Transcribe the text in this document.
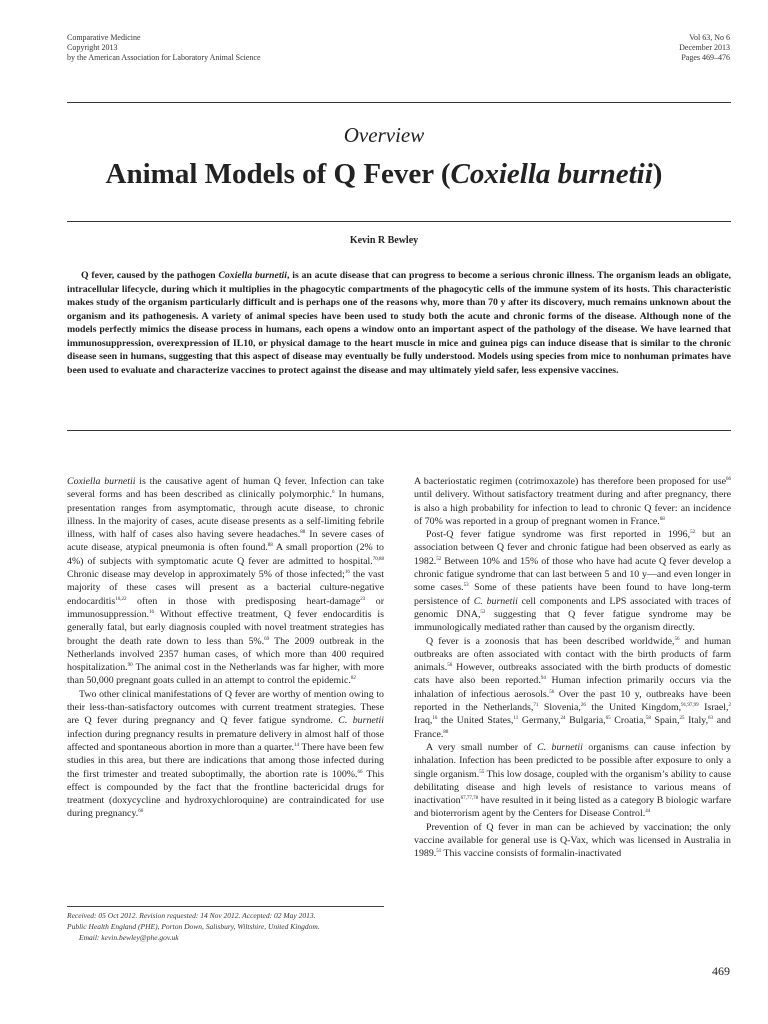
Comparative Medicine
Copyright 2013
by the American Association for Laboratory Animal Science
Vol 63, No 6
December 2013
Pages 469–476
Overview
Animal Models of Q Fever (Coxiella burnetii)
Kevin R Bewley

Q fever, caused by the pathogen Coxiella burnetii, is an acute disease that can progress to become a serious chronic illness. The organism leads an obligate, intracellular lifecycle, during which it multiplies in the phagocytic compartments of the phagocytic cells of the immune system of its hosts. This characteristic makes study of the organism particularly difficult and is perhaps one of the reasons why, more than 70 y after its discovery, much remains unknown about the organism and its pathogenesis. A variety of animal species have been used to study both the acute and chronic forms of the disease. Although none of the models perfectly mimics the disease process in humans, each opens a window onto an important aspect of the pathology of the disease. We have learned that immunosuppression, overexpression of IL10, or physical damage to the heart muscle in mice and guinea pigs can induce disease that is similar to the chronic disease seen in humans, suggesting that this aspect of disease may eventually be fully understood. Models using species from mice to nonhuman primates have been used to evaluate and characterize vaccines to protect against the disease and may ultimately yield safer, less expensive vaccines.

Coxiella burnetii is the causative agent of human Q fever. Infection can take several forms and has been described as clinically polymorphic.$^6$ In humans, presentation ranges from asymptomatic, through acute disease, to chronic illness. In the majority of cases, acute disease presents as a self-limiting febrile illness, with half of cases also having severe headaches.$^{88}$ In severe cases of acute disease, atypical pneumonia is often found.$^{88}$ A small proportion (2% to 4%) of subjects with symptomatic acute Q fever are admitted to hospital.$^{70,88}$ Chronic disease may develop in approximately 5% of those infected;$^{16}$ the vast majority of these cases will present as a bacterial culture-negative endocarditis$^{16,22}$ often in those with predisposing heart-damage$^{23}$ or immunosuppression.$^{16}$ Without effective treatment, Q fever endocarditis is generally fatal, but early diagnosis coupled with novel treatment strategies has brought the death rate down to less than 5%.$^{69}$ The 2009 outbreak in the Netherlands involved 2357 human cases, of which more than 400 required hospitalization.$^{90}$ The animal cost in the Netherlands was far higher, with more than 50,000 pregnant goats culled in an attempt to control the epidemic.$^{82}$

Two other clinical manifestations of Q fever are worthy of mention owing to their less-than-satisfactory outcomes with current treatment strategies. These are Q fever during pregnancy and Q fever fatigue syndrome. C. burnetii infection during pregnancy results in premature delivery in almost half of those affected and spontaneous abortion in more than a quarter.$^{14}$ There have been few studies in this area, but there are indications that among those infected during the first trimester and treated suboptimally, the abortion rate is 100%.$^{66}$ This effect is compounded by the fact that the frontline bactericidal drugs for treatment (doxycycline and hydroxychloroquine) are contraindicated for use during pregnancy.$^{66}$

A bacteriostatic regimen (cotrimoxazole) has therefore been proposed for use$^{66}$ until delivery. Without satisfactory treatment during and after pregnancy, there is also a high probability for infection to lead to chronic Q fever: an incidence of 70% was reported in a group of pregnant women in France.$^{68}$

Post-Q fever fatigue syndrome was first reported in 1996,52 but an association between Q fever and chronic fatigue had been observed as early as 1982.52 Between 10% and 15% of those who have had acute Q fever develop a chronic fatigue syndrome that can last between 5 and 10 y—and even longer in some cases.$^{53}$ Some of these patients have been found to have long-term persistence of C. burnetii cell components and LPS associated with traces of genomic DNA,$^{53}$ suggesting that Q fever fatigue syndrome may be immunologically mediated rather than caused by the organism directly.

Q fever is a zoonosis that has been described worldwide,$^{56}$ and human outbreaks are often associated with contact with the birth products of farm animals.$^{56}$ However, outbreaks associated with the birth products of domestic cats have also been reported.$^{94}$ Human infection primarily occurs via the inhalation of infectious aerosols.$^{56}$ Over the past 10 y, outbreaks have been reported in the Netherlands,$^{71}$ Slovenia,$^{26}$ the United Kingdom,$^{91,97,99}$ Israel,$^2$ Iraq,$^{16}$ the United States,$^{11}$ Germany,$^{24}$ Bulgaria,$^{65}$ Croatia,$^{58}$ Spain,$^{25}$ Italy,$^{63}$ and France.$^{88}$

A very small number of C. burnetii organisms can cause infection by inhalation. Infection has been predicted to be possible after exposure to only a single organism.$^{55}$ This low dosage, coupled with the organism’s ability to cause debilitating disease and high levels of resistance to various means of inactivation$^{67,77,78}$ have resulted in it being listed as a category B biologic warfare and bioterrorism agent by the Centers for Disease Control.$^{44}$

Prevention of Q fever in man can be achieved by vaccination; the only vaccine available for general use is Q-Vax, which was licensed in Australia in 1989.51 This vaccine consists of formalin-inactivated

Received: 05 Oct 2012. Revision requested: 14 Nov 2012. Accepted: 02 May 2013.
Public Health England (PHE), Porton Down, Salisbury, Wiltshire, United Kingdom.
Email: kevin.bewley@phe.gov.uk
469
